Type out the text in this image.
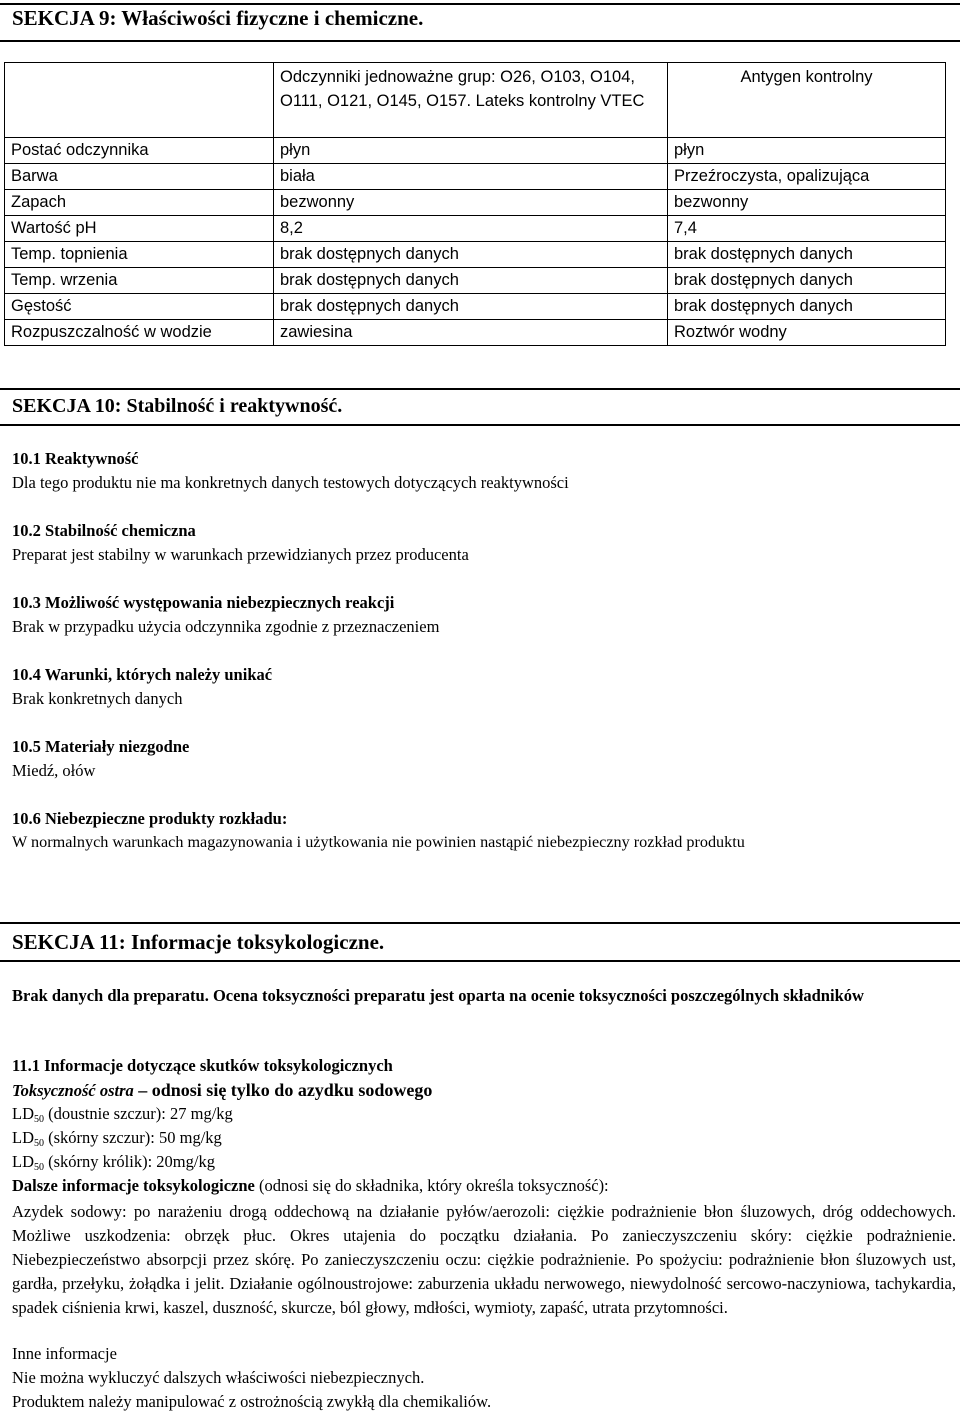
SEKCJA 9: Właściwości fizyczne i chemiczne.
	Odczynniki jednoważne grup: O26, O103, O104, O111, O121, O145, O157. Lateks kontrolny VTEC	Antygen kontrolny
Postać odczynnika	płyn	płyn
Barwa	biała	Przeźroczysta, opalizująca
Zapach	bezwonny	bezwonny
Wartość pH	8,2	7,4
Temp. topnienia	brak dostępnych danych	brak dostępnych danych
Temp. wrzenia	brak dostępnych danych	brak dostępnych danych
Gęstość	brak dostępnych danych	brak dostępnych danych
Rozpuszczalność w wodzie	zawiesina	Roztwór wodny
SEKCJA 10: Stabilność i reaktywność.
10.1 Reaktywność
Dla tego produktu nie ma konkretnych danych testowych dotyczących reaktywności
10.2 Stabilność chemiczna
Preparat jest stabilny w warunkach przewidzianych przez producenta
10.3 Możliwość występowania niebezpiecznych reakcji
Brak w przypadku użycia odczynnika zgodnie z przeznaczeniem
10.4 Warunki, których należy unikać
Brak konkretnych danych
10.5 Materiały niezgodne
Miedź, ołów
10.6 Niebezpieczne produkty rozkładu:
W normalnych warunkach magazynowania i użytkowania nie powinien nastąpić niebezpieczny rozkład produktu
SEKCJA 11: Informacje toksykologiczne.
Brak danych dla preparatu. Ocena toksyczności preparatu jest oparta na ocenie toksyczności poszczególnych składników
11.1 Informacje dotyczące skutków toksykologicznych
Toksyczność ostra – odnosi się tylko do azydku sodowego
$LD_{50}$ (doustnie szczur): 27 mg/kg
$LD_{50}$ (skórny szczur): 50 mg/kg
$LD_{50}$ (skórny królik): 20mg/kg
Dalsze informacje toksykologiczne (odnosi się do składnika, który określa toksyczność):
Azydek sodowy: po narażeniu drogą oddechową na działanie pyłów/aerozoli: ciężkie podrażnienie błon śluzowych, dróg oddechowych. Możliwe uszkodzenia: obrzęk płuc. Okres utajenia do początku działania. Po zanieczyszczeniu skóry: ciężkie podrażnienie. Niebezpieczeństwo absorpcji przez skórę. Po zanieczyszczeniu oczu: ciężkie podrażnienie. Po spożyciu: podrażnienie błon śluzowych ust, gardła, przełyku, żołądka i jelit. Działanie ogólnoustrojowe: zaburzenia układu nerwowego, niewydolność sercowo-naczyniowa, tachykardia, spadek ciśnienia krwi, kaszel, duszność, skurcze, ból głowy, mdłości, wymioty, zapaść, utrata przytomności.
Inne informacje
Nie można wykluczyć dalszych właściwości niebezpiecznych.
Produktem należy manipulować z ostrożnością zwykłą dla chemikaliów.
